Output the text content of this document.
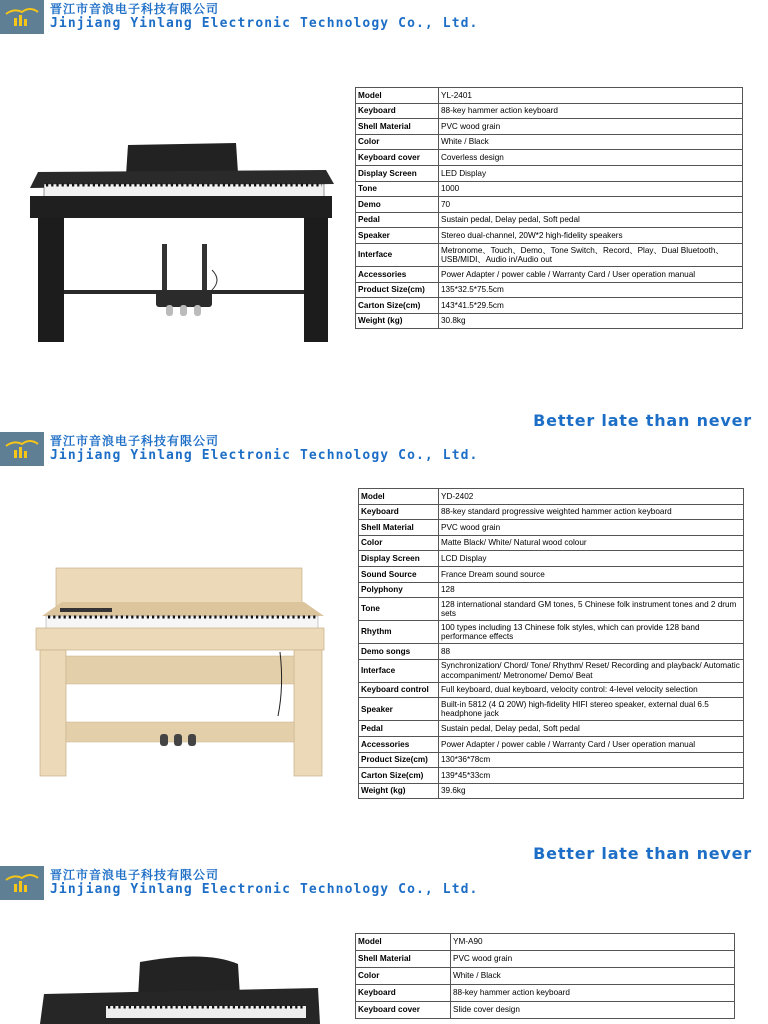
晋江市音浪电子科技有限公司
Jinjiang Yinlang Electronic Technology Co., Ltd.
Model	YL-2401
Keyboard	88-key hammer action keyboard
Shell Material	PVC wood grain
Color	White / Black
Keyboard cover	Coverless design
Display Screen	LED Display
Tone	1000
Demo	70
Pedal	Sustain pedal, Delay pedal, Soft pedal
Speaker	Stereo dual-channel, 20W*2 high-fidelity speakers
Interface	Metronome、Touch、Demo、Tone Switch、Record、Play、Dual Bluetooth、USB/MIDI、Audio in/Audio out
Accessories	Power Adapter / power cable / Warranty Card / User operation manual
Product Size(cm)	135*32.5*75.5cm
Carton Size(cm)	143*41.5*29.5cm
Weight (kg)	30.8kg
Better late than never
晋江市音浪电子科技有限公司
Jinjiang Yinlang Electronic Technology Co., Ltd.
Model	YD-2402
Keyboard	88-key standard progressive weighted hammer action keyboard
Shell Material	PVC wood grain
Color	Matte Black/ White/ Natural wood colour
Display Screen	LCD Display
Sound Source	France Dream sound source
Polyphony	128
Tone	128 international standard GM tones, 5 Chinese folk instrument tones and 2 drum sets
Rhythm	100 types including 13 Chinese folk styles, which can provide 128 band performance effects
Demo songs	88
Interface	Synchronization/ Chord/ Tone/ Rhythm/ Reset/ Recording and playback/ Automatic accompaniment/ Metronome/ Demo/ Beat
Keyboard control	Full keyboard, dual keyboard, velocity control: 4-level velocity selection
Speaker	Built-in 5812 (4 Ω 20W) high-fidelity HIFI stereo speaker, external dual 6.5 headphone jack
Pedal	Sustain pedal, Delay pedal, Soft pedal
Accessories	Power Adapter / power cable / Warranty Card / User operation manual
Product Size(cm)	130*36*78cm
Carton Size(cm)	139*45*33cm
Weight (kg)	39.6kg
Better late than never
晋江市音浪电子科技有限公司
Jinjiang Yinlang Electronic Technology Co., Ltd.
Model	YM-A90
Shell Material	PVC wood grain
Color	White / Black
Keyboard	88-key hammer action keyboard
Keyboard cover	Slide cover design
